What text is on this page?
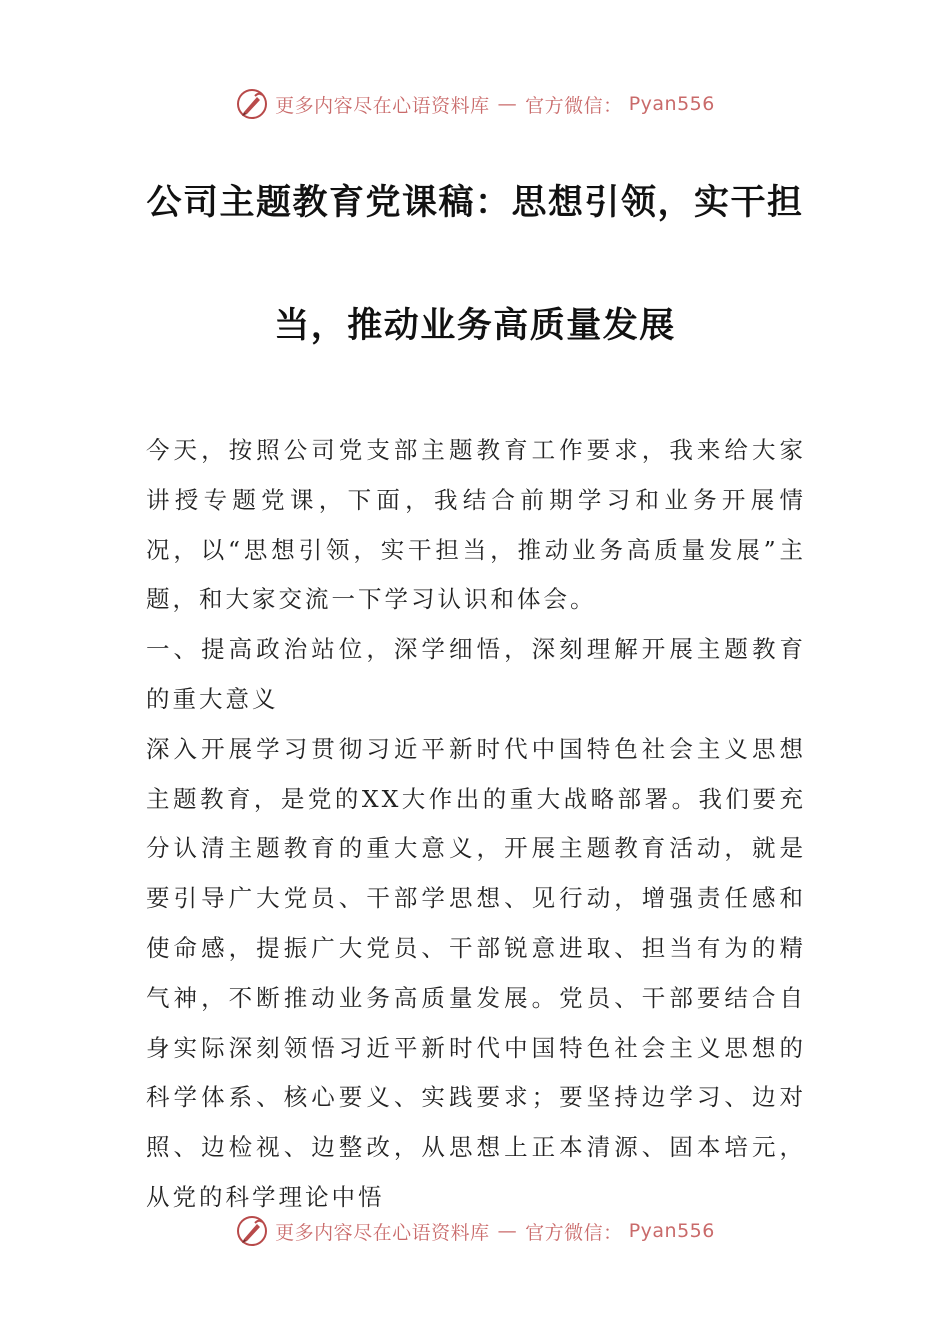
更多内容尽在心语资料库 — 官方微信： Pyan556
公司主题教育党课稿：思想引领，实干担
当，推动业务高质量发展

今天，按照公司党支部主题教育工作要求，我来给大家讲授专题党课，下面，我结合前期学习和业务开展情况，以“思想引领，实干担当，推动业务高质量发展”主题，和大家交流一下学习认识和体会。

一、提高政治站位，深学细悟，深刻理解开展主题教育的重大意义

深入开展学习贯彻习近平新时代中国特色社会主义思想主题教育，是党的XX大作出的重大战略部署。我们要充分认清主题教育的重大意义，开展主题教育活动，就是要引导广大党员、干部学思想、见行动，增强责任感和使命感，提振广大党员、干部锐意进取、担当有为的精气神，不断推动业务高质量发展。党员、干部要结合自身实际深刻领悟习近平新时代中国特色社会主义思想的科学体系、核心要义、实践要求；要坚持边学习、边对照、边检视、边整改，从思想上正本清源、固本培元，从党的科学理论中悟

更多内容尽在心语资料库 — 官方微信： Pyan556
